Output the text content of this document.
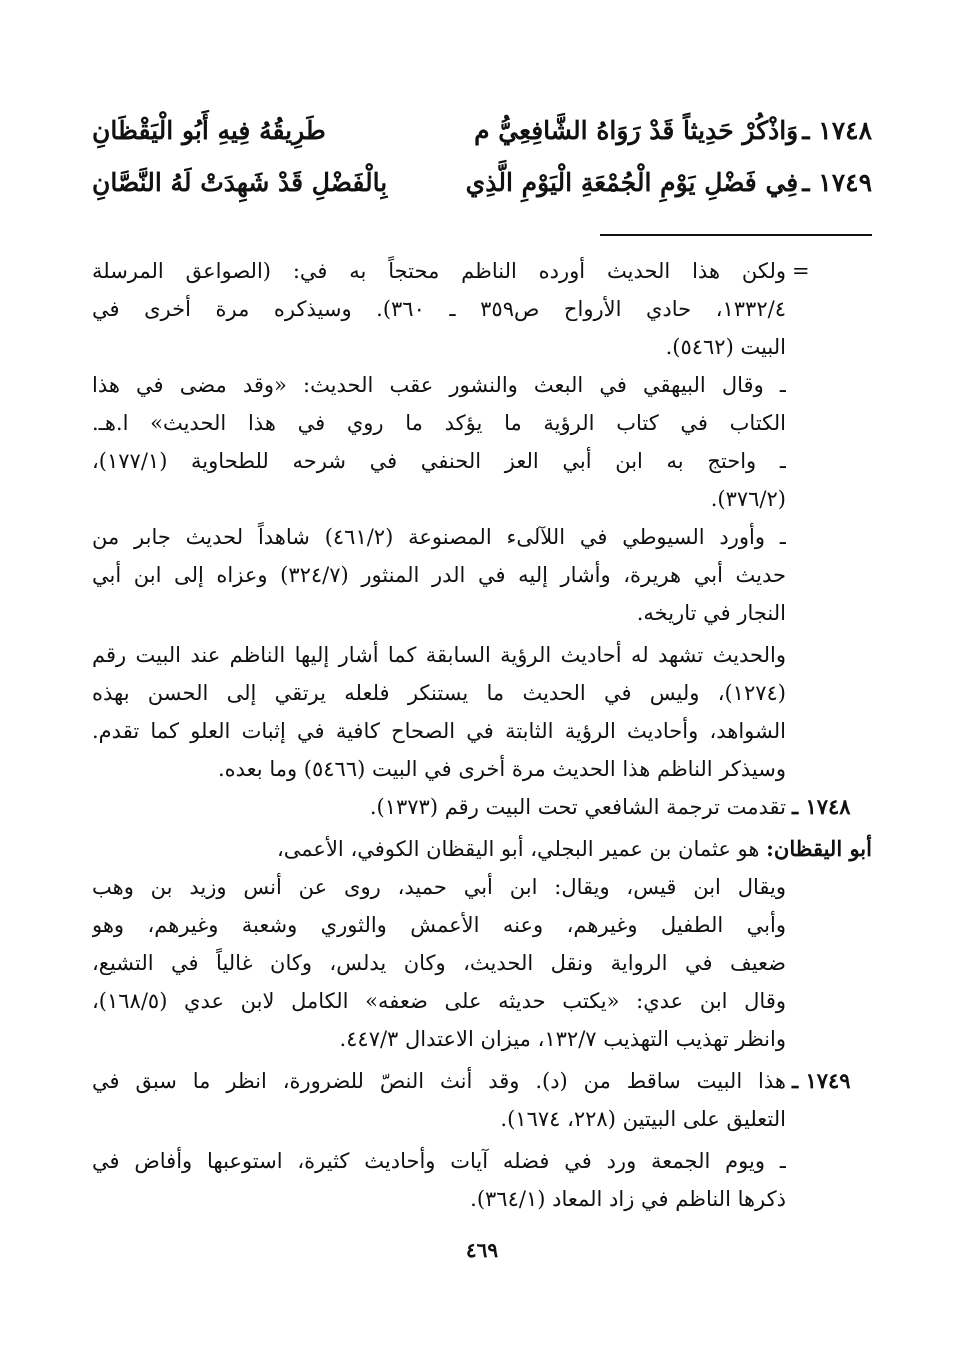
١٧٤٨ ـ
وَاذْكُرْ حَدِيثاً قَدْ رَوَاهُ الشَّافِعِيُّ م
طَرِيقُهُ فِيهِ أَبُو الْيَقْظَانِ
١٧٤٩ ـ
فِي فَضْلِ يَوْمِ الْجُمْعَةِ الْيَوْمِ الَّذِي
بِالْفَضْلِ قَدْ شَهِدَتْ لَهُ النَّصَّانِ
=
ولكن هذا الحديث أورده الناظم محتجاً به في: (الصواعق المرسلة
١٣٣٢/٤، حادي الأرواح ص٣٥٩ ـ ٣٦٠). وسيذكره مرة أخرى في
البيت (٥٤٦٢).
ـ وقال البيهقي في البعث والنشور عقب الحديث: «وقد مضى في هذا
الكتاب في كتاب الرؤية ما يؤكد ما روي في هذا الحديث» ا.هـ.
ـ واحتج به ابن أبي العز الحنفي في شرحه للطحاوية (١٧٧/١)،
(٣٧٦/٢).
ـ وأورد السيوطي في اللآلىء المصنوعة (٤٦١/٢) شاهداً لحديث جابر من
حديث أبي هريرة، وأشار إليه في الدر المنثور (٣٢٤/٧) وعزاه إلى ابن أبي
النجار في تاريخه.
والحديث تشهد له أحاديث الرؤية السابقة كما أشار إليها الناظم عند البيت رقم
(١٢٧٤)، وليس في الحديث ما يستنكر فلعله يرتقي إلى الحسن بهذه
الشواهد، وأحاديث الرؤية الثابتة في الصحاح كافية في إثبات العلو كما تقدم.
وسيذكر الناظم هذا الحديث مرة أخرى في البيت (٥٤٦٦) وما بعده.
١٧٤٨ ـ
تقدمت ترجمة الشافعي تحت البيت رقم (١٣٧٣).
أبو اليقظان: هو عثمان بن عمير البجلي، أبو اليقظان الكوفي، الأعمى،
ويقال ابن قيس، ويقال: ابن أبي حميد، روى عن أنس وزيد بن وهب
وأبي الطفيل وغيرهم، وعنه الأعمش والثوري وشعبة وغيرهم، وهو
ضعيف في الرواية ونقل الحديث، وكان يدلس، وكان غالياً في التشيع،
وقال ابن عدي: «يكتب حديثه على ضعفه» الكامل لابن عدي (١٦٨/٥)،
وانظر تهذيب التهذيب ١٣٢/٧، ميزان الاعتدال ٤٤٧/٣.
١٧٤٩ ـ
هذا البيت ساقط من (د). وقد أنث النصّ للضرورة، انظر ما سبق في
التعليق على البيتين (٢٢٨، ١٦٧٤).
ـ ويوم الجمعة ورد في فضله آيات وأحاديث كثيرة، استوعبها وأفاض في
ذكرها الناظم في زاد المعاد (٣٦٤/١).
٤٦٩
